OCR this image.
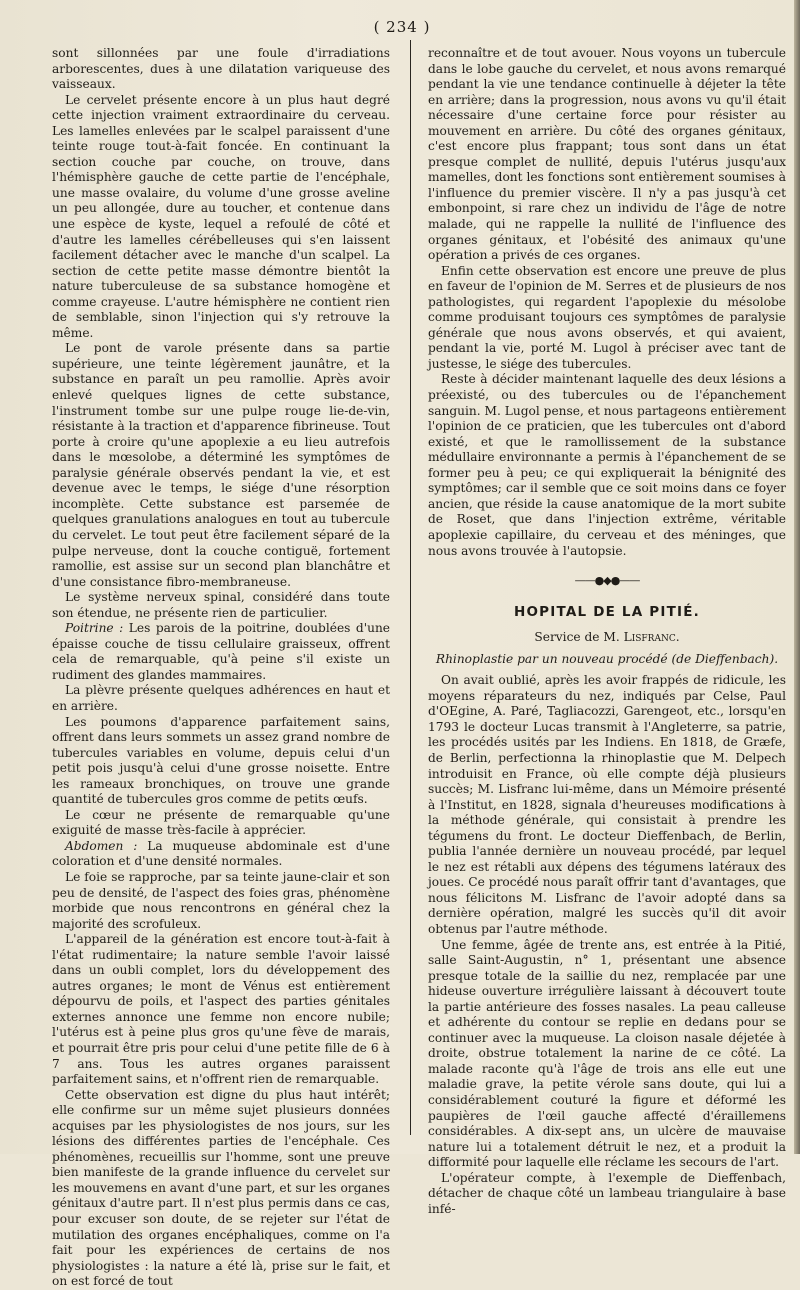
( 234 )

sont sillonnées par une foule d'irradiations arborescentes, dues à une dilatation variqueuse des vaisseaux.

Le cervelet présente encore à un plus haut degré cette injection vraiment extraordinaire du cerveau. Les lamelles enlevées par le scalpel paraissent d'une teinte rouge tout-à-fait foncée. En continuant la section couche par couche, on trouve, dans l'hémisphère gauche de cette partie de l'encéphale, une masse ovalaire, du volume d'une grosse aveline un peu allongée, dure au toucher, et contenue dans une espèce de kyste, lequel a refoulé de côté et d'autre les lamelles cérébelleuses qui s'en laissent facilement détacher avec le manche d'un scalpel. La section de cette petite masse démontre bientôt la nature tuberculeuse de sa substance homogène et comme crayeuse. L'autre hémisphère ne contient rien de semblable, sinon l'injection qui s'y retrouve la même.

Le pont de varole présente dans sa partie supérieure, une teinte légèrement jaunâtre, et la substance en paraît un peu ramollie. Après avoir enlevé quelques lignes de cette substance, l'instrument tombe sur une pulpe rouge lie-de-vin, résistante à la traction et d'apparence fibrineuse. Tout porte à croire qu'une apoplexie a eu lieu autrefois dans le mœsolobe, a déterminé les symptômes de paralysie générale observés pendant la vie, et est devenue avec le temps, le siége d'une résorption incomplète. Cette substance est parsemée de quelques granulations analogues en tout au tubercule du cervelet. Le tout peut être facilement séparé de la pulpe nerveuse, dont la couche contiguë, fortement ramollie, est assise sur un second plan blanchâtre et d'une consistance fibro-membraneuse.

Le système nerveux spinal, considéré dans toute son étendue, ne présente rien de particulier.

Poitrine : Les parois de la poitrine, doublées d'une épaisse couche de tissu cellulaire graisseux, offrent cela de remarquable, qu'à peine s'il existe un rudiment des glandes mammaires.

La plèvre présente quelques adhérences en haut et en arrière.

Les poumons d'apparence parfaitement sains, offrent dans leurs sommets un assez grand nombre de tubercules variables en volume, depuis celui d'un petit pois jusqu'à celui d'une grosse noisette. Entre les rameaux bronchiques, on trouve une grande quantité de tubercules gros comme de petits œufs.

Le cœur ne présente de remarquable qu'une exiguité de masse très-facile à apprécier.

Abdomen : La muqueuse abdominale est d'une coloration et d'une densité normales.

Le foie se rapproche, par sa teinte jaune-clair et son peu de densité, de l'aspect des foies gras, phénomène morbide que nous rencontrons en général chez la majorité des scrofuleux.

L'appareil de la génération est encore tout-à-fait à l'état rudimentaire; la nature semble l'avoir laissé dans un oubli complet, lors du développement des autres organes; le mont de Vénus est entièrement dépourvu de poils, et l'aspect des parties génitales externes annonce une femme non encore nubile; l'utérus est à peine plus gros qu'une fève de marais, et pourrait être pris pour celui d'une petite fille de 6 à 7 ans. Tous les autres organes paraissent parfaitement sains, et n'offrent rien de remarquable.

Cette observation est digne du plus haut intérêt; elle confirme sur un même sujet plusieurs données acquises par les physiologistes de nos jours, sur les lésions des différentes parties de l'encéphale. Ces phénomènes, recueillis sur l'homme, sont une preuve bien manifeste de la grande influence du cervelet sur les mouvemens en avant d'une part, et sur les organes génitaux d'autre part. Il n'est plus permis dans ce cas, pour excuser son doute, de se rejeter sur l'état de mutilation des organes encéphaliques, comme on l'a fait pour les expériences de certains de nos physiologistes : la nature a été là, prise sur le fait, et on est forcé de tout

reconnaître et de tout avouer. Nous voyons un tubercule dans le lobe gauche du cervelet, et nous avons remarqué pendant la vie une tendance continuelle à déjeter la tête en arrière; dans la progression, nous avons vu qu'il était nécessaire d'une certaine force pour résister au mouvement en arrière. Du côté des organes génitaux, c'est encore plus frappant; tous sont dans un état presque complet de nullité, depuis l'utérus jusqu'aux mamelles, dont les fonctions sont entièrement soumises à l'influence du premier viscère. Il n'y a pas jusqu'à cet embonpoint, si rare chez un individu de l'âge de notre malade, qui ne rappelle la nullité de l'influence des organes génitaux, et l'obésité des animaux qu'une opération a privés de ces organes.

Enfin cette observation est encore une preuve de plus en faveur de l'opinion de M. Serres et de plusieurs de nos pathologistes, qui regardent l'apoplexie du mésolobe comme produisant toujours ces symptômes de paralysie générale que nous avons observés, et qui avaient, pendant la vie, porté M. Lugol à préciser avec tant de justesse, le siége des tubercules.

Reste à décider maintenant laquelle des deux lésions a préexisté, ou des tubercules ou de l'épanchement sanguin. M. Lugol pense, et nous partageons entièrement l'opinion de ce praticien, que les tubercules ont d'abord existé, et que le ramollissement de la substance médullaire environnante a permis à l'épanchement de se former peu à peu; ce qui expliquerait la bénignité des symptômes; car il semble que ce soit moins dans ce foyer ancien, que réside la cause anatomique de la mort subite de Roset, que dans l'injection extrême, véritable apoplexie capillaire, du cerveau et des méninges, que nous avons trouvée à l'autopsie.

——●◆●——
HOPITAL DE LA PITIÉ.
Service de M. Lisfranc.
Rhinoplastie par un nouveau procédé (de Dieffenbach).

On avait oublié, après les avoir frappés de ridicule, les moyens réparateurs du nez, indiqués par Celse, Paul d'OEgine, A. Paré, Tagliacozzi, Garengeot, etc., lorsqu'en 1793 le docteur Lucas transmit à l'Angleterre, sa patrie, les procédés usités par les Indiens. En 1818, de Græfe, de Berlin, perfectionna la rhinoplastie que M. Delpech introduisit en France, où elle compte déjà plusieurs succès; M. Lisfranc lui-même, dans un Mémoire présenté à l'Institut, en 1828, signala d'heureuses modifications à la méthode générale, qui consistait à prendre les tégumens du front. Le docteur Dieffenbach, de Berlin, publia l'année dernière un nouveau procédé, par lequel le nez est rétabli aux dépens des tégumens latéraux des joues. Ce procédé nous paraît offrir tant d'avantages, que nous félicitons M. Lisfranc de l'avoir adopté dans sa dernière opération, malgré les succès qu'il dit avoir obtenus par l'autre méthode.

Une femme, âgée de trente ans, est entrée à la Pitié, salle Saint-Augustin, n° 1, présentant une absence presque totale de la saillie du nez, remplacée par une hideuse ouverture irrégulière laissant à découvert toute la partie antérieure des fosses nasales. La peau calleuse et adhérente du contour se replie en dedans pour se continuer avec la muqueuse. La cloison nasale déjetée à droite, obstrue totalement la narine de ce côté. La malade raconte qu'à l'âge de trois ans elle eut une maladie grave, la petite vérole sans doute, qui lui a considérablement couturé la figure et déformé les paupières de l'œil gauche affecté d'éraillemens considérables. A dix-sept ans, un ulcère de mauvaise nature lui a totalement détruit le nez, et a produit la difformité pour laquelle elle réclame les secours de l'art.

L'opérateur compte, à l'exemple de Dieffenbach, détacher de chaque côté un lambeau triangulaire à base infé-
